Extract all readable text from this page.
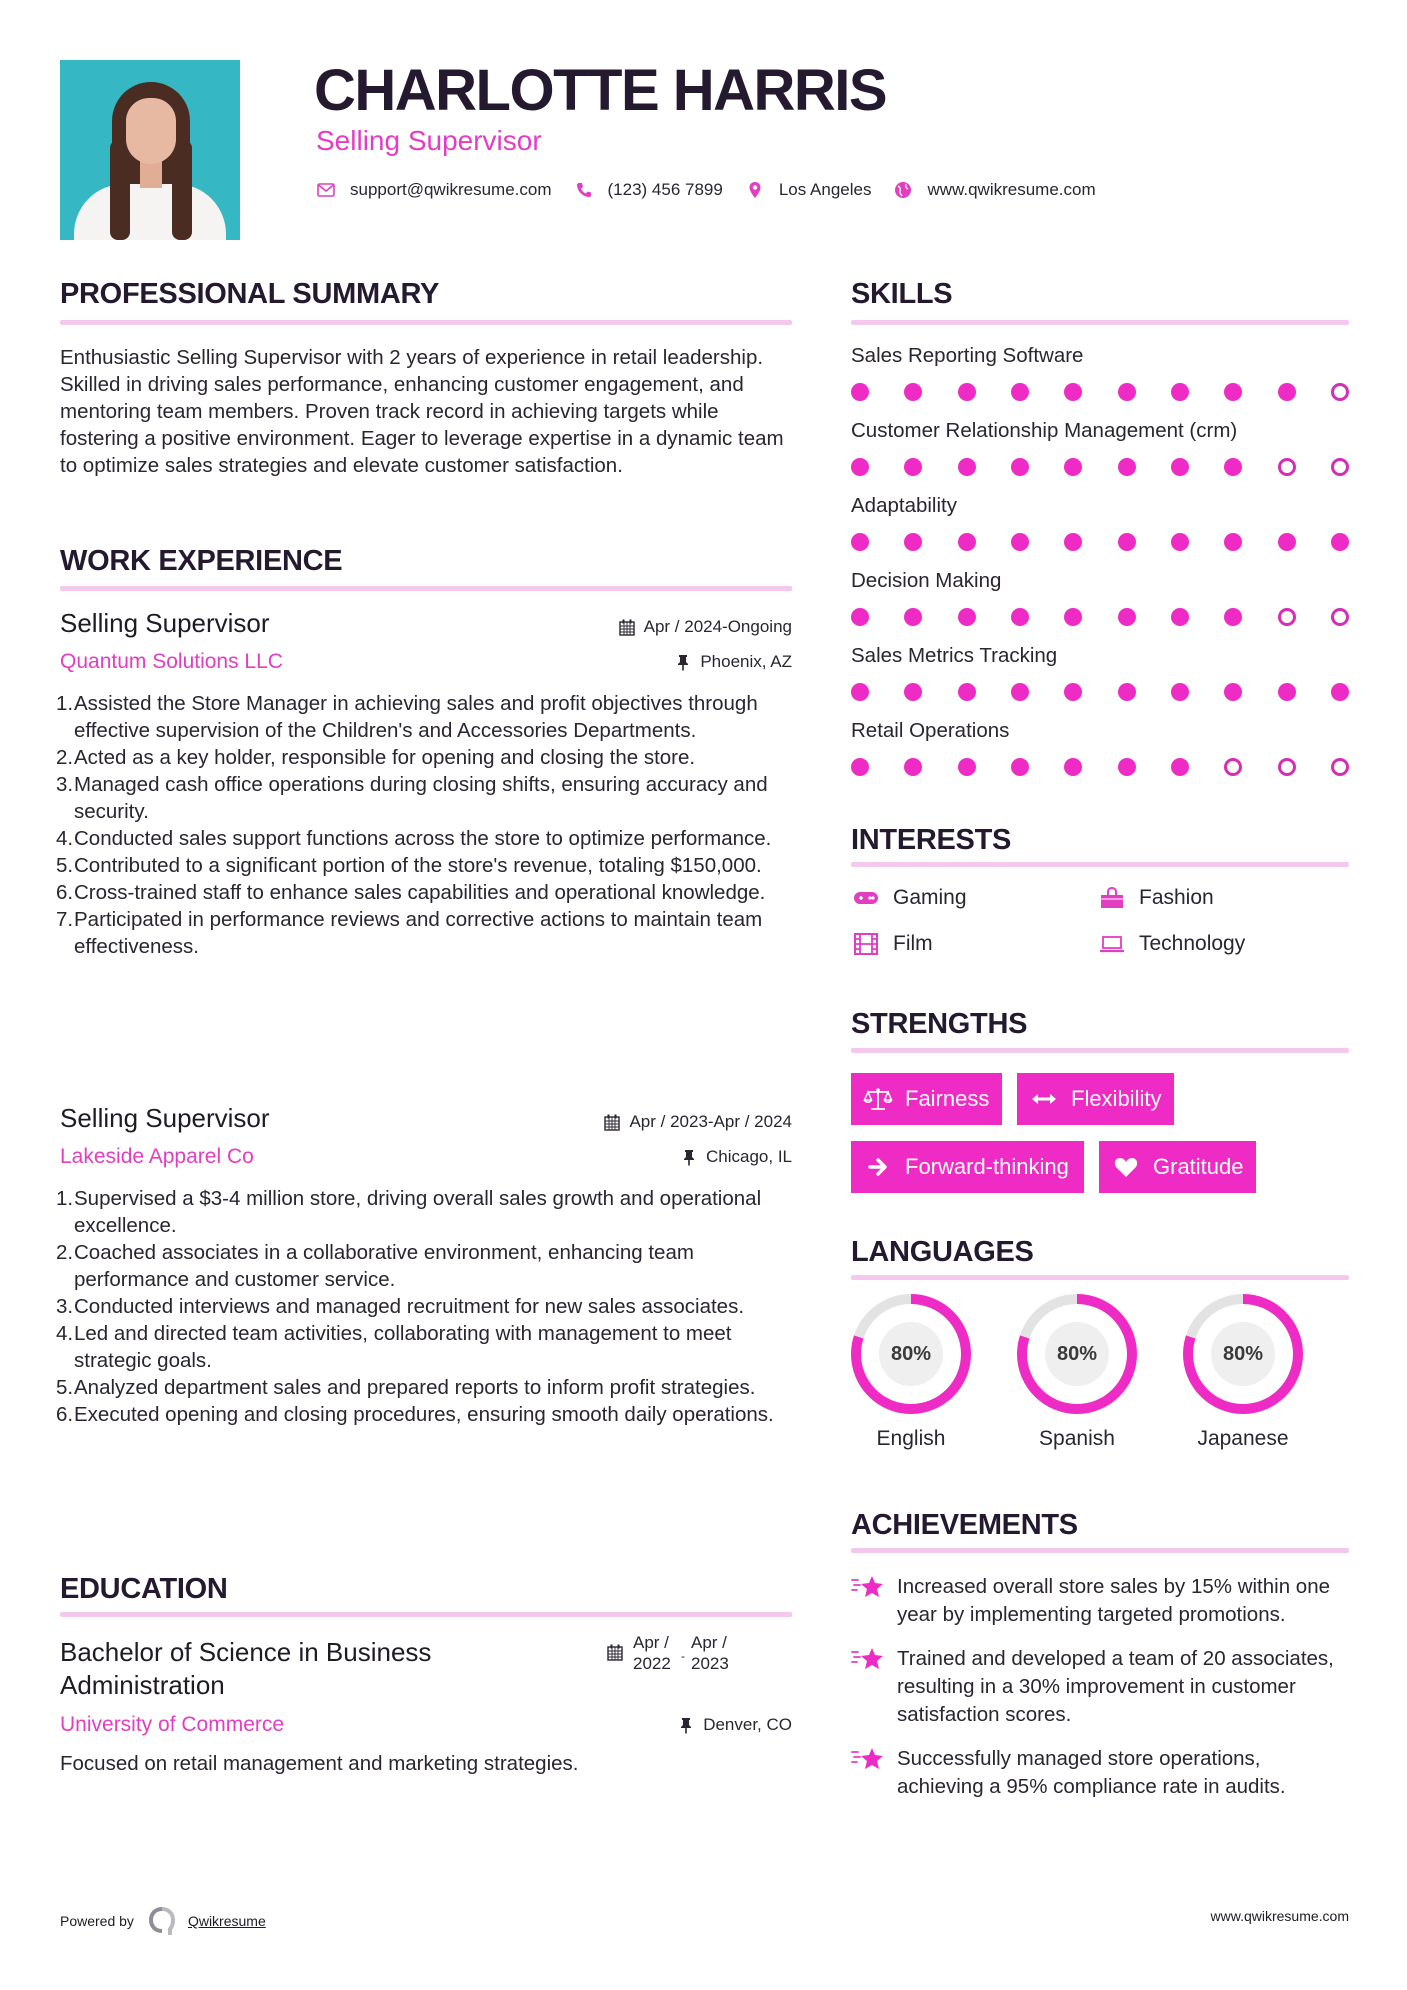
CHARLOTTE HARRIS
Selling Supervisor
support@qwikresume.com	(123) 456 7899	Los Angeles	www.qwikresume.com
PROFESSIONAL SUMMARY
Enthusiastic Selling Supervisor with 2 years of experience in retail leadership. Skilled in driving sales performance, enhancing customer engagement, and mentoring team members. Proven track record in achieving targets while fostering a positive environment. Eager to leverage expertise in a dynamic team to optimize sales strategies and elevate customer satisfaction.
WORK EXPERIENCE
Selling Supervisor	Apr / 2024-Ongoing
Quantum Solutions LLC	Phoenix, AZ
1. Assisted the Store Manager in achieving sales and profit objectives through effective supervision of the Children's and Accessories Departments.
2. Acted as a key holder, responsible for opening and closing the store.
3. Managed cash office operations during closing shifts, ensuring accuracy and security.
4. Conducted sales support functions across the store to optimize performance.
5. Contributed to a significant portion of the store's revenue, totaling $150,000.
6. Cross-trained staff to enhance sales capabilities and operational knowledge.
7. Participated in performance reviews and corrective actions to maintain team effectiveness.
Selling Supervisor	Apr / 2023-Apr / 2024
Lakeside Apparel Co	Chicago, IL
1. Supervised a $3-4 million store, driving overall sales growth and operational excellence.
2. Coached associates in a collaborative environment, enhancing team performance and customer service.
3. Conducted interviews and managed recruitment for new sales associates.
4. Led and directed team activities, collaborating with management to meet strategic goals.
5. Analyzed department sales and prepared reports to inform profit strategies.
6. Executed opening and closing procedures, ensuring smooth daily operations.
EDUCATION
Bachelor of Science in Business Administration
Apr /
2022 -
Apr /
2023
University of Commerce	Denver, CO
Focused on retail management and marketing strategies.
SKILLS
Sales Reporting Software
Customer Relationship Management (crm)
Adaptability
Decision Making
Sales Metrics Tracking
Retail Operations
INTERESTS
Gaming	Fashion
Film	Technology
STRENGTHS
Fairness	Flexibility
Forward-thinking	Gratitude
LANGUAGES
80%
English
80%
Spanish
80%
Japanese
ACHIEVEMENTS
Increased overall store sales by 15% within one year by implementing targeted promotions.
Trained and developed a team of 20 associates, resulting in a 30% improvement in customer satisfaction scores.
Successfully managed store operations, achieving a 95% compliance rate in audits.
Powered by	Qwikresume	www.qwikresume.com
